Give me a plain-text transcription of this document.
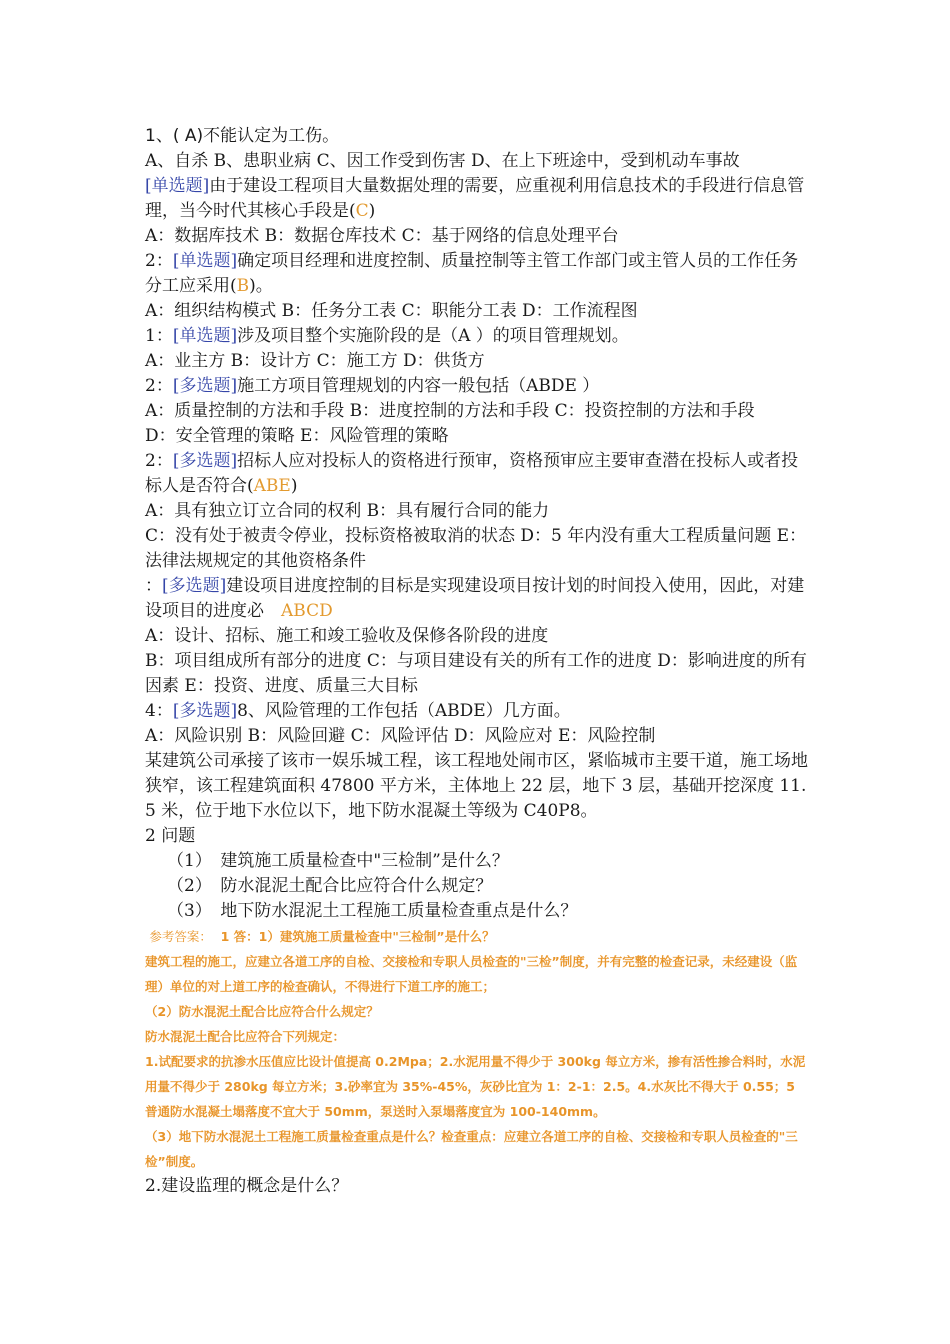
1、( A)不能认定为工伤。

A、自杀 B、患职业病 C、因工作受到伤害 D、在上下班途中，受到机动车事故

[单选题]由于建设工程项目大量数据处理的需要，应重视利用信息技术的手段进行信息管理，当今时代其核心手段是(C)

A：数据库技术 B：数据仓库技术 C：基于网络的信息处理平台

2：[单选题]确定项目经理和进度控制、质量控制等主管工作部门或主管人员的工作任务分工应采用(B)。

A：组织结构模式 B：任务分工表 C：职能分工表 D：工作流程图

1：[单选题]涉及项目整个实施阶段的是（A ）的项目管理规划。

A：业主方 B：设计方 C：施工方 D：供货方

2：[多选题]施工方项目管理规划的内容一般包括（ABDE ）

A：质量控制的方法和手段 B：进度控制的方法和手段 C：投资控制的方法和手段

D：安全管理的策略 E：风险管理的策略

2：[多选题]招标人应对投标人的资格进行预审，资格预审应主要审查潜在投标人或者投标人是否符合(ABE)

A：具有独立订立合同的权利 B：具有履行合同的能力

C：没有处于被责令停业，投标资格被取消的状态 D：5 年内没有重大工程质量问题 E：法律法规规定的其他资格条件

：[多选题]建设项目进度控制的目标是实现建设项目按计划的时间投入使用，因此，对建设项目的进度必　 ABCD

A：设计、招标、施工和竣工验收及保修各阶段的进度

B：项目组成所有部分的进度 C：与项目建设有关的所有工作的进度 D：影响进度的所有因素 E：投资、进度、质量三大目标

4：[多选题]8、风险管理的工作包括（ABDE）几方面。

A：风险识别 B：风险回避 C：风险评估 D：风险应对 E：风险控制

某建筑公司承接了该市一娱乐城工程，该工程地处闹市区，紧临城市主要干道，施工场地狭窄，该工程建筑面积 47800 平方米，主体地上 22 层，地下 3 层，基础开挖深度 11.5 米，位于地下水位以下，地下防水混凝土等级为 C40P8。

2 问题

（1）　建筑施工质量检查中"三检制”是什么？

（2）　防水混泥土配合比应符合什么规定？

（3）　地下防水混泥土工程施工质量检查重点是什么？

参考答案： 1 答：1）建筑施工质量检查中"三检制”是什么？

建筑工程的施工，应建立各道工序的自检、交接检和专职人员检查的"三检”制度，并有完整的检查记录，未经建设（监理）单位的对上道工序的检查确认，不得进行下道工序的施工；

（2）防水混泥土配合比应符合什么规定？

防水混泥土配合比应符合下列规定：

1.试配要求的抗渗水压值应比设计值提高 0.2Mpa；2.水泥用量不得少于 300kg 每立方米，掺有活性掺合料时，水泥用量不得少于 280kg 每立方米；3.砂率宜为 35%-45%，灰砂比宜为 1：2-1：2.5。4.水灰比不得大于 0.55；5 普通防水混凝土塌落度不宜大于 50mm，泵送时入泵塌落度宜为 100-140mm。

（3）地下防水混泥土工程施工质量检查重点是什么？检查重点：应建立各道工序的自检、交接检和专职人员检查的"三检”制度。

2.建设监理的概念是什么？
